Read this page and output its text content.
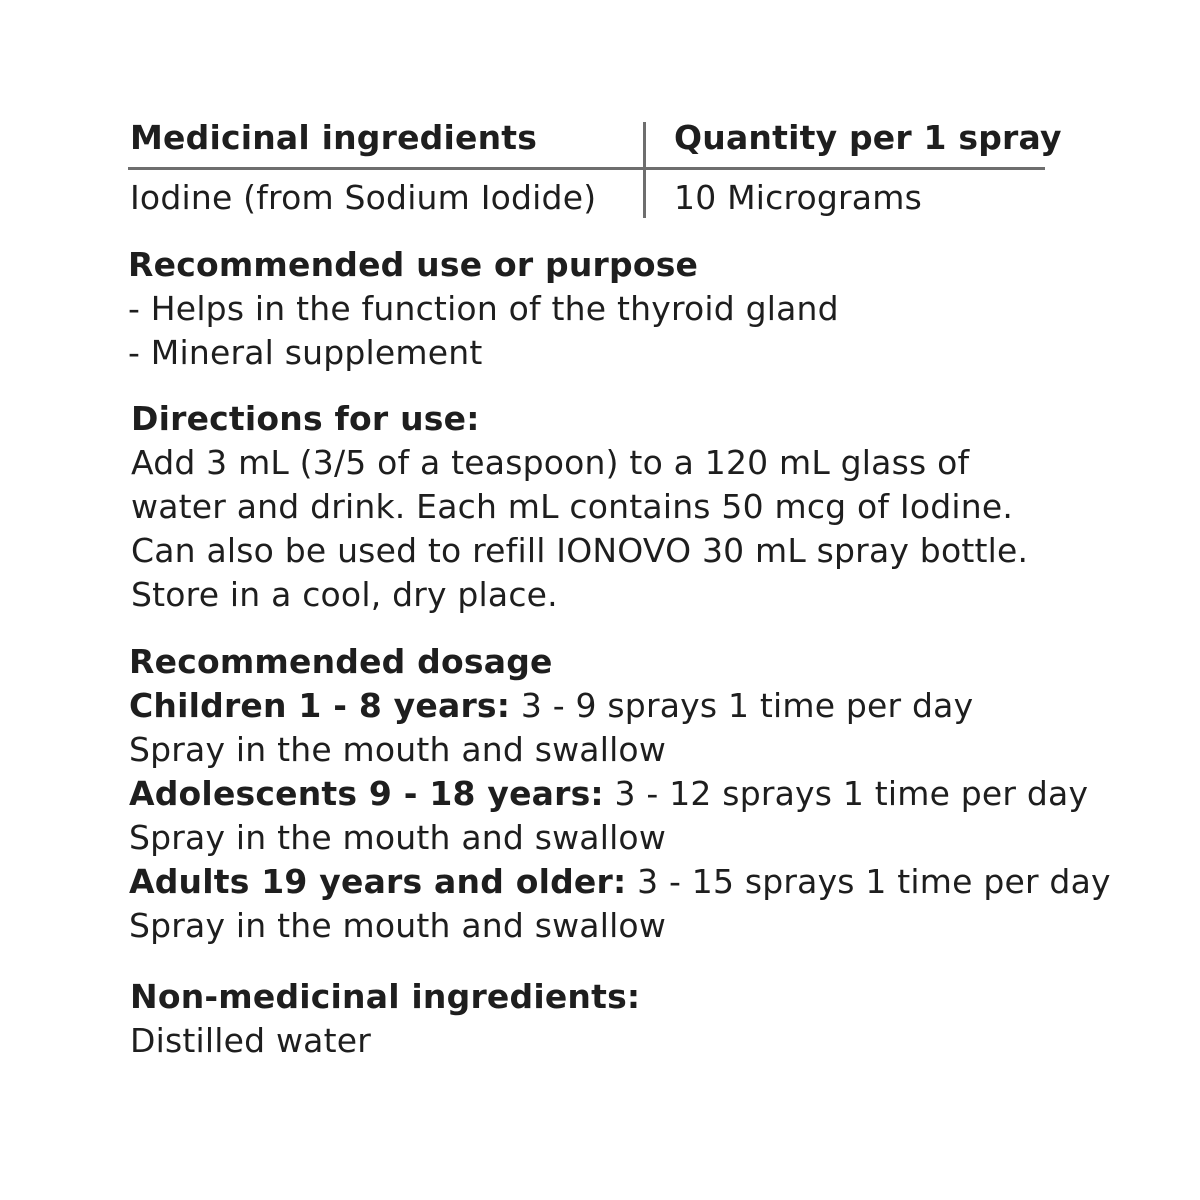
Medicinal ingredients	Quantity per 1 spray
Iodine (from Sodium Iodide) 10 Micrograms
Recommended use or purpose
- Helps in the function of the thyroid gland
- Mineral supplement
Directions for use:
Add 3 mL (3/5 of a teaspoon) to a 120 mL glass of
water and drink. Each mL contains 50 mcg of Iodine.
Can also be used to refill IONOVO 30 mL spray bottle.
Store in a cool, dry place.
Recommended dosage
Children 1 - 8 years: 3 - 9 sprays 1 time per day
Spray in the mouth and swallow
Adolescents 9 - 18 years: 3 - 12 sprays 1 time per day
Spray in the mouth and swallow
Adults 19 years and older: 3 - 15 sprays 1 time per day
Spray in the mouth and swallow
Non-medicinal ingredients:
Distilled water
